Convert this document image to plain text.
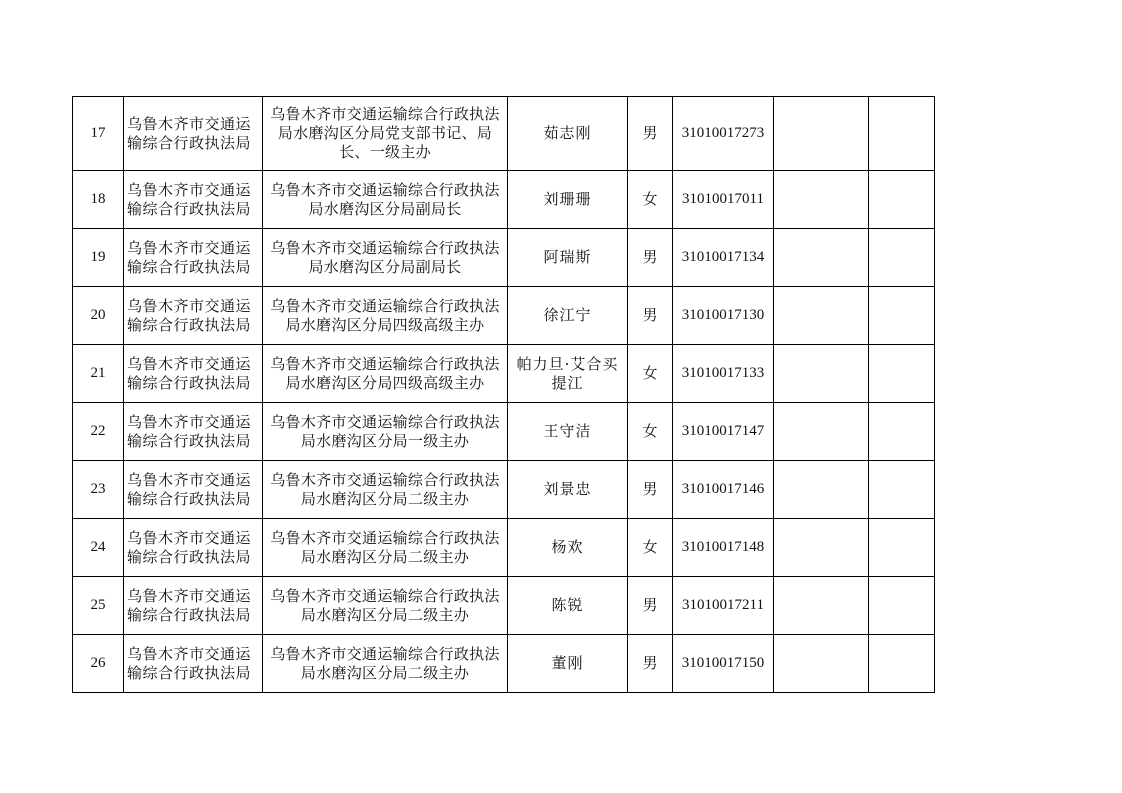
17	乌鲁木齐市交通运输综合行政执法局	乌鲁木齐市交通运输综合行政执法局水磨沟区分局党支部书记、局长、一级主办	茹志刚	男	31010017273		
18	乌鲁木齐市交通运输综合行政执法局	乌鲁木齐市交通运输综合行政执法局水磨沟区分局副局长	刘珊珊	女	31010017011		
19	乌鲁木齐市交通运输综合行政执法局	乌鲁木齐市交通运输综合行政执法局水磨沟区分局副局长	阿瑞斯	男	31010017134		
20	乌鲁木齐市交通运输综合行政执法局	乌鲁木齐市交通运输综合行政执法局水磨沟区分局四级高级主办	徐江宁	男	31010017130		
21	乌鲁木齐市交通运输综合行政执法局	乌鲁木齐市交通运输综合行政执法局水磨沟区分局四级高级主办	帕力旦·艾合买提江	女	31010017133		
22	乌鲁木齐市交通运输综合行政执法局	乌鲁木齐市交通运输综合行政执法局水磨沟区分局一级主办	王守洁	女	31010017147		
23	乌鲁木齐市交通运输综合行政执法局	乌鲁木齐市交通运输综合行政执法局水磨沟区分局二级主办	刘景忠	男	31010017146		
24	乌鲁木齐市交通运输综合行政执法局	乌鲁木齐市交通运输综合行政执法局水磨沟区分局二级主办	杨欢	女	31010017148		
25	乌鲁木齐市交通运输综合行政执法局	乌鲁木齐市交通运输综合行政执法局水磨沟区分局二级主办	陈锐	男	31010017211		
26	乌鲁木齐市交通运输综合行政执法局	乌鲁木齐市交通运输综合行政执法局水磨沟区分局二级主办	董刚	男	31010017150		
